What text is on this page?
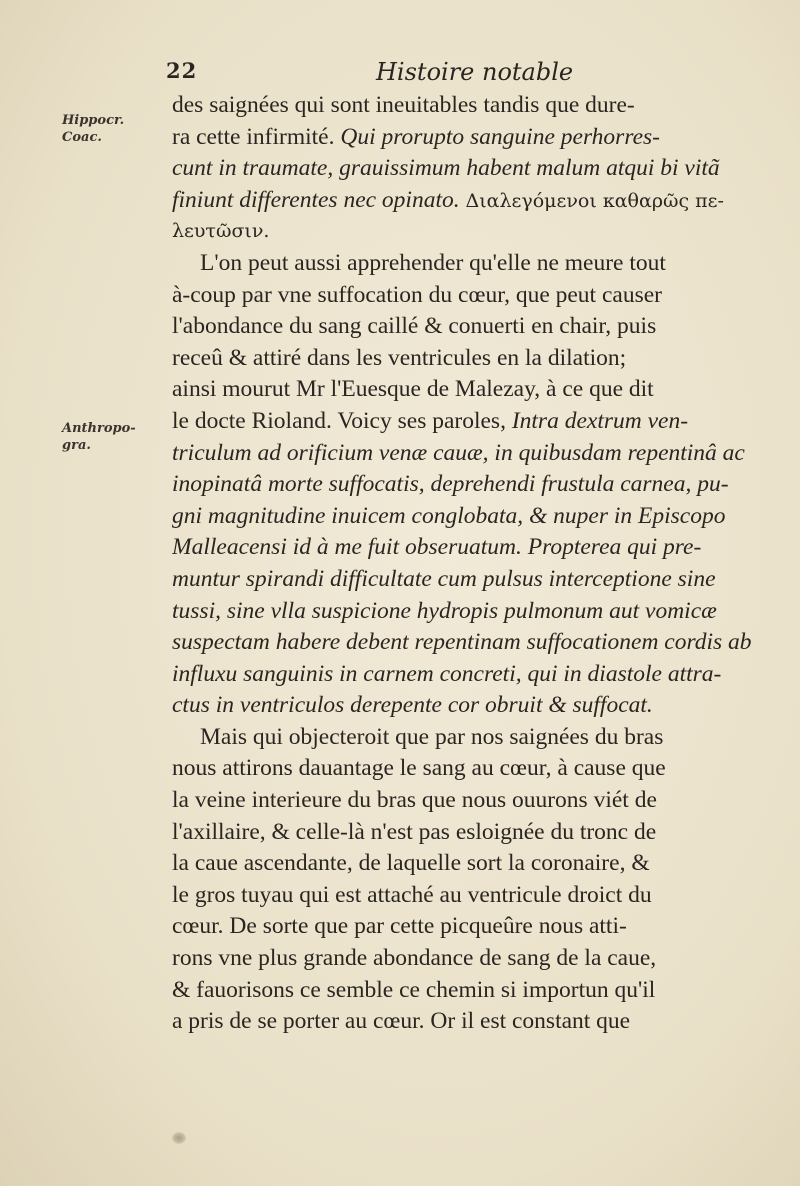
22	Histoire notable
Hippocr.
Coac.
Anthropo-
gra.
des saignées qui sont ineuitables tandis que dure-
ra cette infirmité. Qui prorupto sanguine perhorres-
cunt in traumate, grauissimum habent malum atqui bi vitã
finiunt differentes nec opinato. Διαλεγόμενοι καθαρῶς πε-
λευτῶσιν.
L'on peut aussi apprehender qu'elle ne meure tout
à-coup par vne suffocation du cœur, que peut causer
l'abondance du sang caillé & conuerti en chair, puis
receû & attiré dans les ventricules en la dilation;
ainsi mourut Mr l'Euesque de Malezay, à ce que dit
le docte Rioland. Voicy ses paroles, Intra dextrum ven-
triculum ad orificium venæ cauæ, in quibusdam repentinâ ac
inopinatâ morte suffocatis, deprehendi frustula carnea, pu-
gni magnitudine inuicem conglobata, & nuper in Episcopo
Malleacensi id à me fuit obseruatum. Propterea qui pre-
muntur spirandi difficultate cum pulsus interceptione sine
tussi, sine vlla suspicione hydropis pulmonum aut vomicæ
suspectam habere debent repentinam suffocationem cordis ab
influxu sanguinis in carnem concreti, qui in diastole attra-
ctus in ventriculos derepente cor obruit & suffocat.
Mais qui objecteroit que par nos saignées du bras
nous attirons dauantage le sang au cœur, à cause que
la veine interieure du bras que nous ouurons viét de
l'axillaire, & celle-là n'est pas esloignée du tronc de
la caue ascendante, de laquelle sort la coronaire, &
le gros tuyau qui est attaché au ventricule droict du
cœur. De sorte que par cette picqueûre nous atti-
rons vne plus grande abondance de sang de la caue,
& fauorisons ce semble ce chemin si importun qu'il
a pris de se porter au cœur. Or il est constant que
